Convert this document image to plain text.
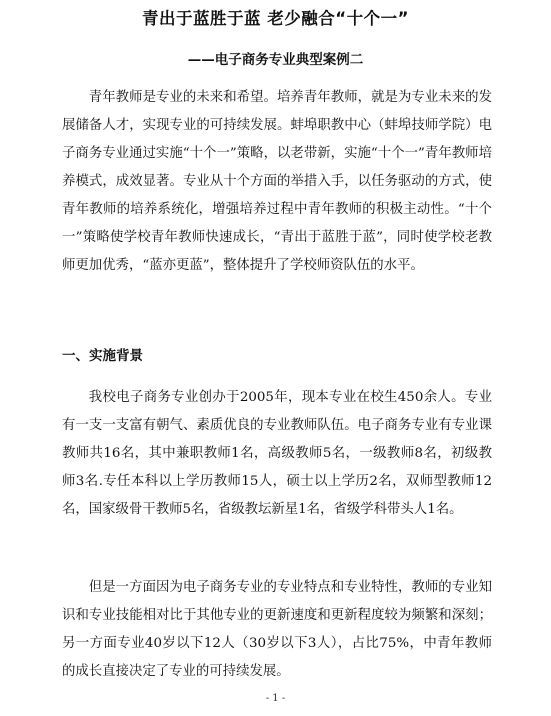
青出于蓝胜于蓝 老少融合“十个一”
——电子商务专业典型案例二

青年教师是专业的未来和希望。培养青年教师，就是为专业未来的发展储备人才，实现专业的可持续发展。蚌埠职教中心（蚌埠技师学院）电子商务专业通过实施“十个一”策略，以老带新，实施“十个一”青年教师培养模式，成效显著。专业从十个方面的举措入手，以任务驱动的方式，使青年教师的培养系统化，增强培养过程中青年教师的积极主动性。“十个一”策略使学校青年教师快速成长，“青出于蓝胜于蓝”，同时使学校老教师更加优秀，“蓝亦更蓝”，整体提升了学校师资队伍的水平。

一、实施背景

我校电子商务专业创办于2005年，现本专业在校生450余人。专业有一支一支富有朝气、素质优良的专业教师队伍。电子商务专业有专业课教师共16名，其中兼职教师1名，高级教师5名，一级教师8名，初级教师3名.专任本科以上学历教师15人，硕士以上学历2名，双师型教师12名，国家级骨干教师5名，省级教坛新星1名，省级学科带头人1名。

但是一方面因为电子商务专业的专业特点和专业特性，教师的专业知识和专业技能相对比于其他专业的更新速度和更新程度较为频繁和深刻；另一方面专业40岁以下12人（30岁以下3人），占比75%，中青年教师的成长直接决定了专业的可持续发展。

- 1 -
